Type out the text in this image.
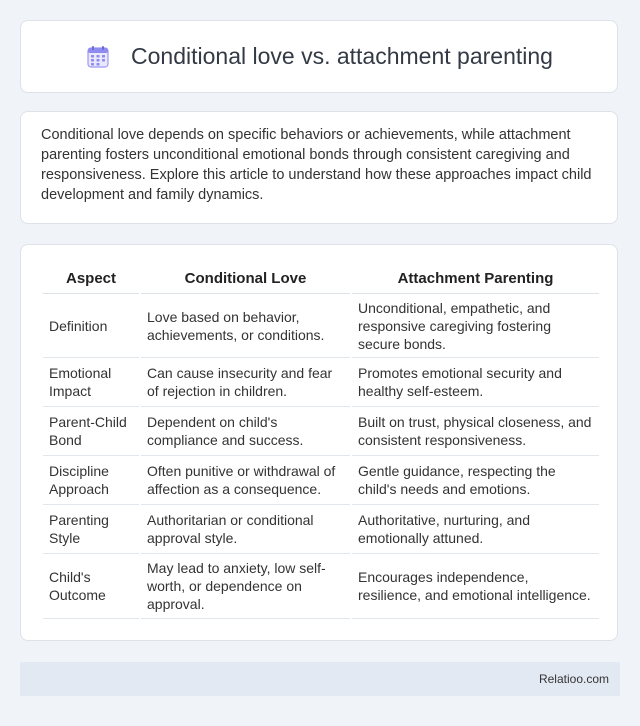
Conditional love vs. attachment parenting

Conditional love depends on specific behaviors or achievements, while attachment parenting fosters unconditional emotional bonds through consistent caregiving and responsiveness. Explore this article to understand how these approaches impact child development and family dynamics.

Aspect	Conditional Love	Attachment Parenting
Definition	Love based on behavior, achievements, or conditions.	Unconditional, empathetic, and responsive caregiving fostering secure bonds.
Emotional Impact	Can cause insecurity and fear of rejection in children.	Promotes emotional security and healthy self-esteem.
Parent-Child Bond	Dependent on child's compliance and success.	Built on trust, physical closeness, and consistent responsiveness.
Discipline Approach	Often punitive or withdrawal of affection as a consequence.	Gentle guidance, respecting the child's needs and emotions.
Parenting Style	Authoritarian or conditional approval style.	Authoritative, nurturing, and emotionally attuned.
Child's Outcome	May lead to anxiety, low self-worth, or dependence on approval.	Encourages independence, resilience, and emotional intelligence.
Relatioo.com
